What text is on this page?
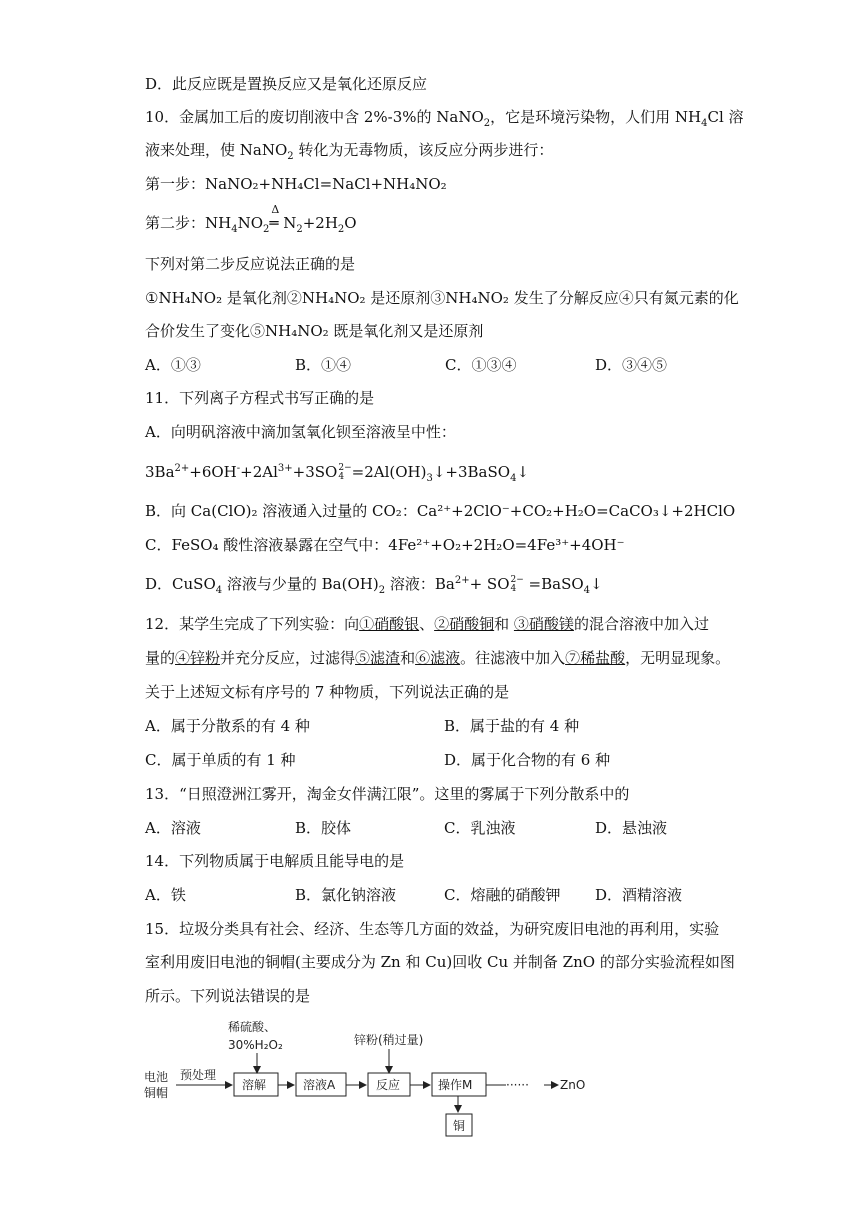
D．此反应既是置换反应又是氧化还原反应
10．金属加工后的废切削液中含 2%-3%的 NaNO$_2$，它是环境污染物，人们用 $NH_4Cl$ 溶
液来处理，使 NaNO$_2$ 转化为无毒物质，该反应分两步进行：
第一步：NaNO₂+NH₄Cl=NaCl+NH₄NO₂
第二步：$NH_4NO_2$
Δ
═ $N_2+2H_2O$
下列对第二步反应说法正确的是
①NH₄NO₂ 是氧化剂②NH₄NO₂ 是还原剂③NH₄NO₂ 发生了分解反应④只有氮元素的化
合价发生了变化⑤NH₄NO₂ 既是氧化剂又是还原剂
A．①③	B．①④	C．①③④	D．③④⑤
11．下列离子方程式书写正确的是
A．向明矾溶液中滴加氢氧化钡至溶液呈中性：
$3Ba^{2+}+6OH^-+2Al^{3+}+3SO$ 2−
$4 =2Al(OH)_3↓+3BaSO_4↓$
B．向 Ca(ClO)₂ 溶液通入过量的 CO₂：Ca²⁺+2ClO⁻+CO₂+H₂O=CaCO₃↓+2HClO
C．FeSO₄ 酸性溶液暴露在空气中：4Fe²⁺+O₂+2H₂O=4Fe³⁺+4OH⁻
D．CuSO$_4$ 溶液与少量的 $Ba(OH)_2$ 溶液：$Ba^{2+}+$ SO 2−
4 =BaSO$_4$↓
12．某学生完成了下列实验：向①硝酸银、②硝酸铜和 ③硝酸镁的混合溶液中加入过
量的④锌粉并充分反应，过滤得⑤滤渣和⑥滤液。往滤液中加入⑦稀盐酸，无明显现象。
关于上述短文标有序号的 7 种物质，下列说法正确的是
A．属于分散系的有 4 种	B．属于盐的有 4 种
C．属于单质的有 1 种	D．属于化合物的有 6 种
13．“日照澄洲江雾开，淘金女伴满江限”。这里的雾属于下列分散系中的
A．溶液	B．胶体	C．乳浊液	D．悬浊液
14．下列物质属于电解质且能导电的是
A．铁	B．氯化钠溶液	C．熔融的硝酸钾 D．酒精溶液
15．垃圾分类具有社会、经济、生态等几方面的效益，为研究废旧电池的再利用，实验
室利用废旧电池的铜帽(主要成分为 Zn 和 Cu)回收 Cu 并制备 ZnO 的部分实验流程如图
所示。下列说法错误的是
稀硫酸、
30%H₂O₂	锌粉(稍过量)
电池
铜帽
预处理
溶解	溶液A	反应	操作M	······	ZnO
铜
